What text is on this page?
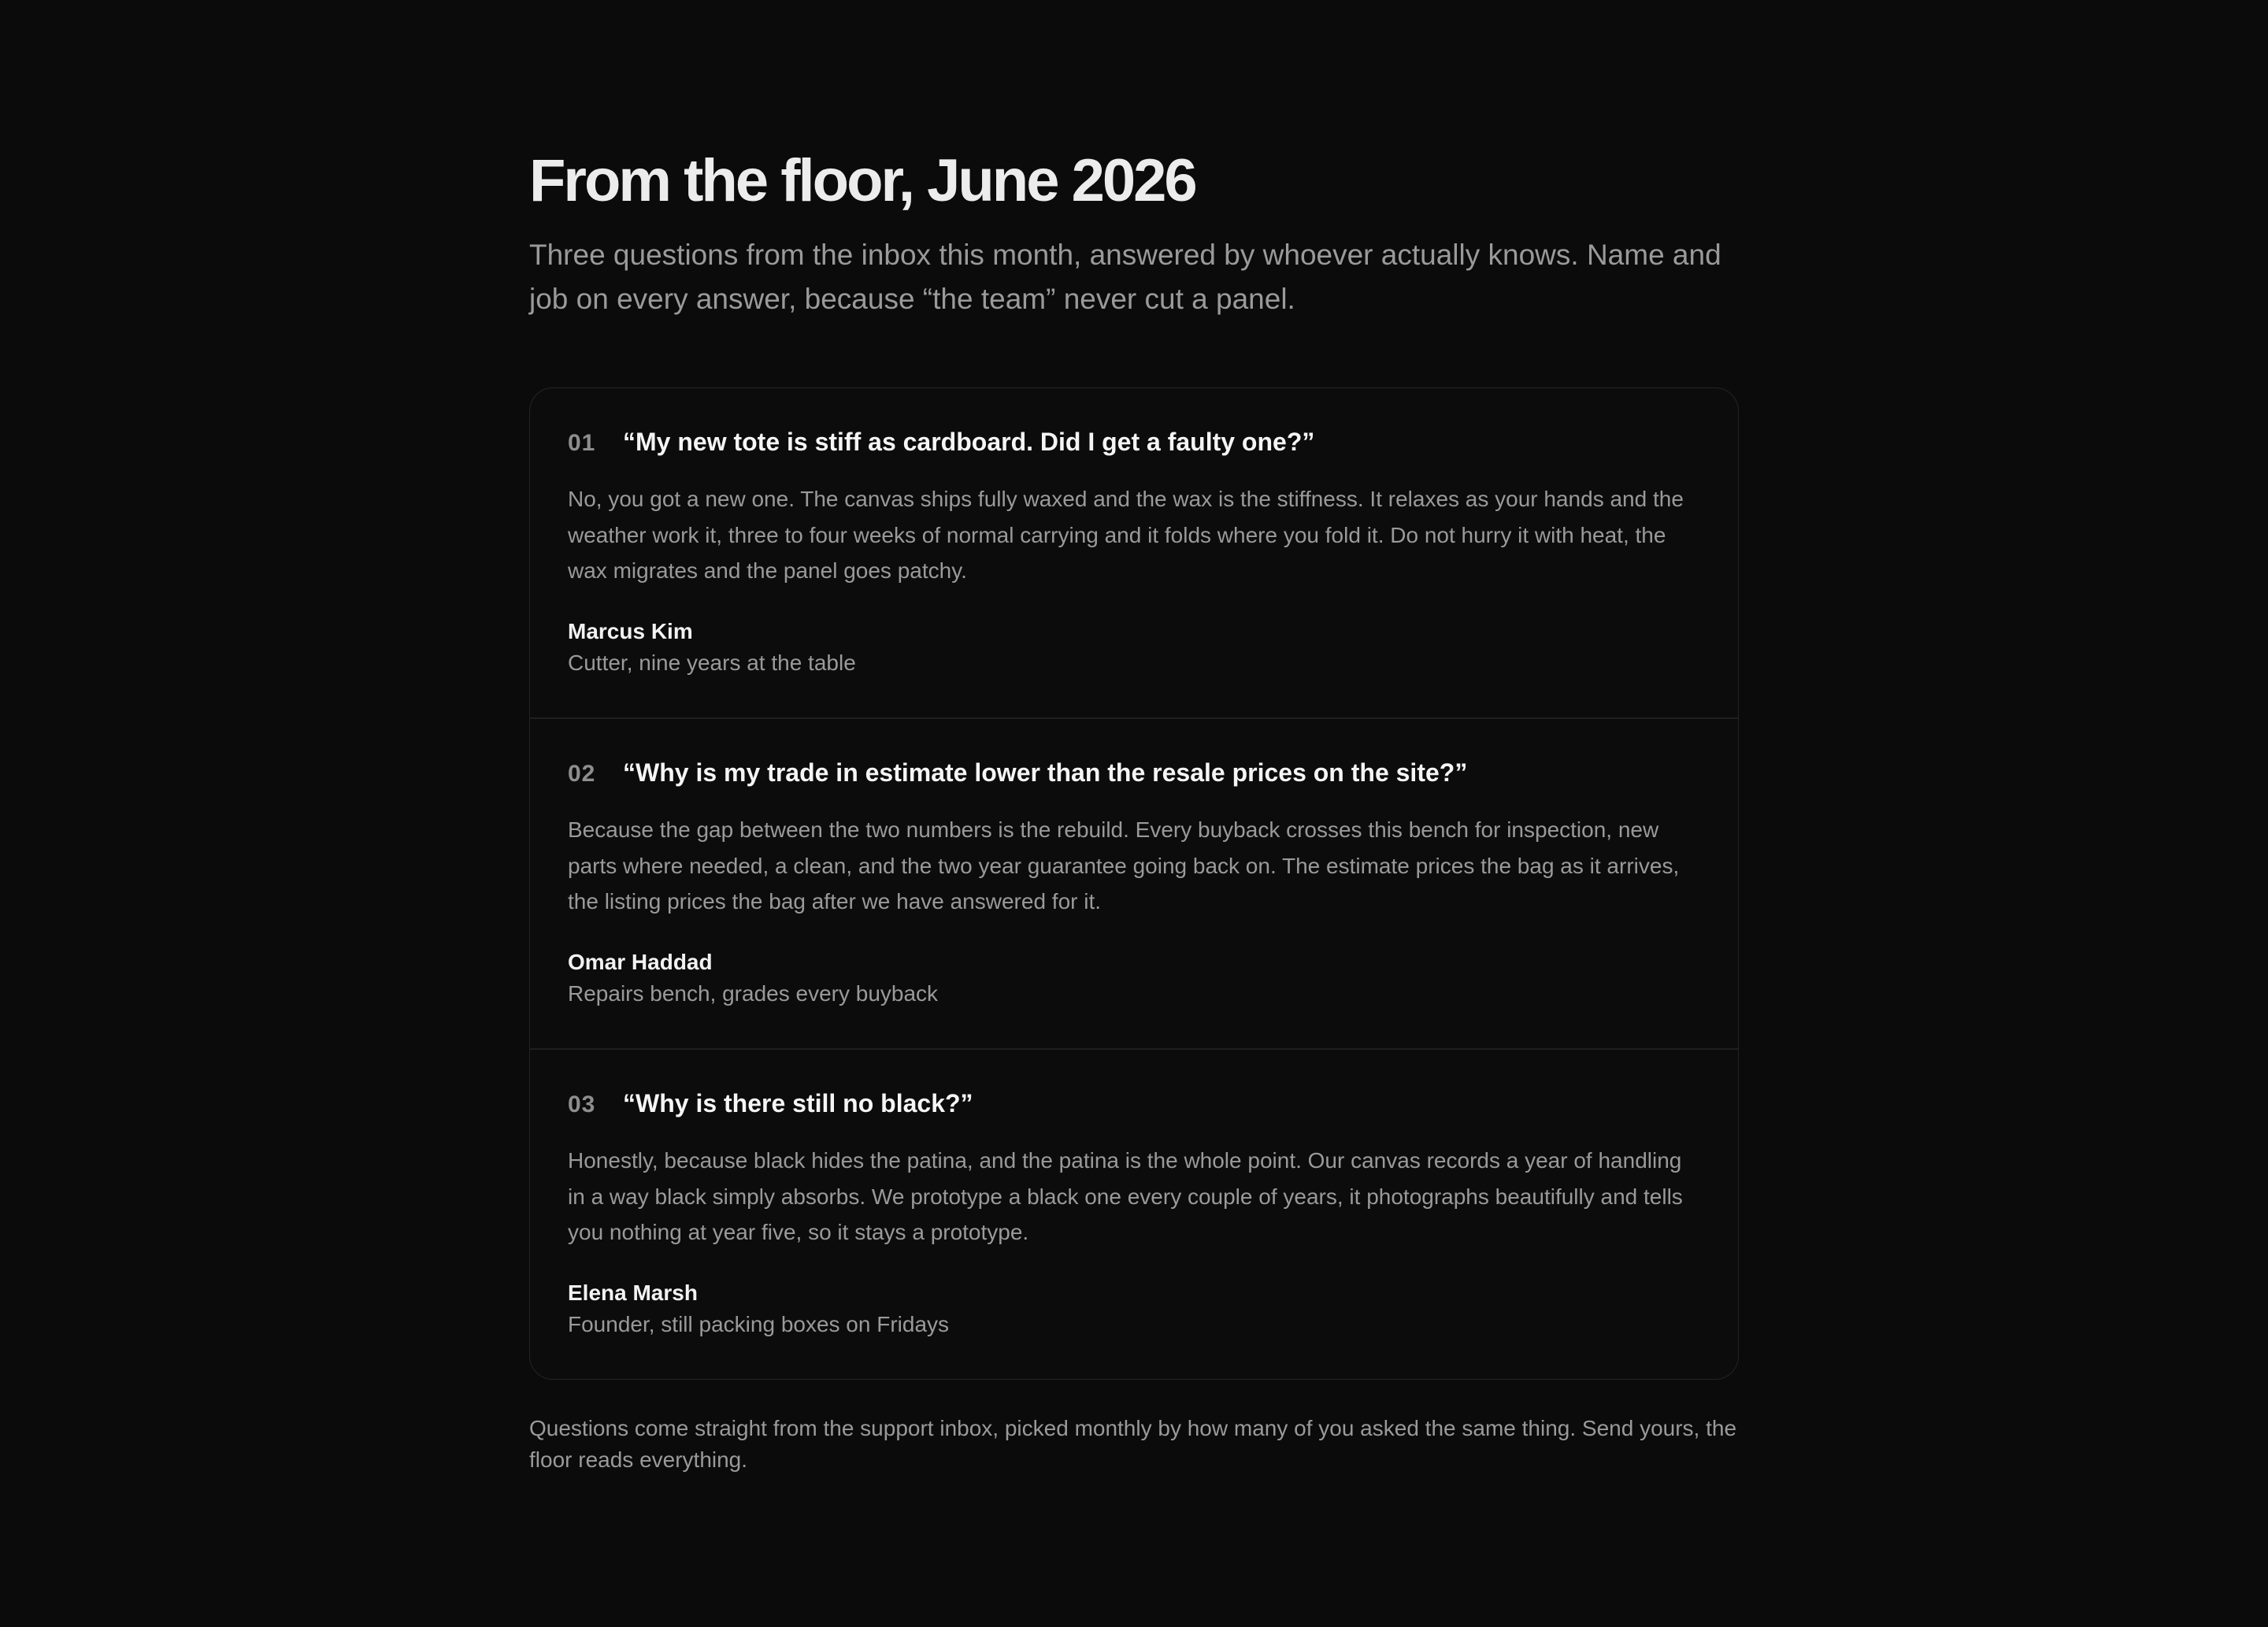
From the floor, June 2026

Three questions from the inbox this month, answered by whoever actually knows. Name and job on every answer, because “the team” never cut a panel.

01	“My new tote is stiff as cardboard. Did I get a faulty one?”

No, you got a new one. The canvas ships fully waxed and the wax is the stiffness. It relaxes as your hands and the weather work it, three to four weeks of normal carrying and it folds where you fold it. Do not hurry it with heat, the wax migrates and the panel goes patchy.

Marcus Kim
Cutter, nine years at the table
02	“Why is my trade in estimate lower than the resale prices on the site?”

Because the gap between the two numbers is the rebuild. Every buyback crosses this bench for inspection, new parts where needed, a clean, and the two year guarantee going back on. The estimate prices the bag as it arrives, the listing prices the bag after we have answered for it.

Omar Haddad
Repairs bench, grades every buyback
03	“Why is there still no black?”

Honestly, because black hides the patina, and the patina is the whole point. Our canvas records a year of handling in a way black simply absorbs. We prototype a black one every couple of years, it photographs beautifully and tells you nothing at year five, so it stays a prototype.

Elena Marsh
Founder, still packing boxes on Fridays

Questions come straight from the support inbox, picked monthly by how many of you asked the same thing. Send yours, the floor reads everything.
